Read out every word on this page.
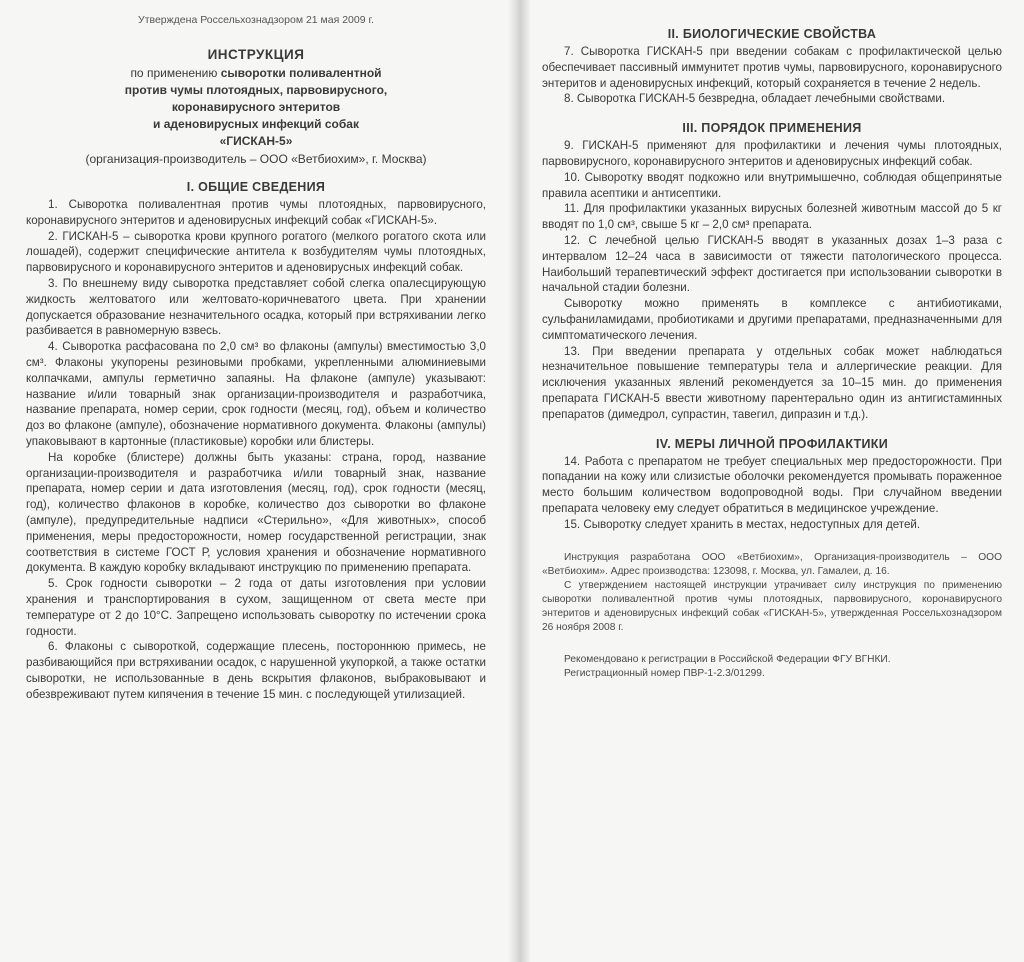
Утверждена Россельхознадзором 21 мая 2009 г.
ИНСТРУКЦИЯ
по применению сыворотки поливалентной
против чумы плотоядных, парвовирусного,
коронавирусного энтеритов
и аденовирусных инфекций собак
«ГИСКАН-5»
(организация-производитель – ООО «Ветбиохим», г. Москва)
I. ОБЩИЕ СВЕДЕНИЯ

1. Сыворотка поливалентная против чумы плотоядных, парвовирусного, коронавирусного энтеритов и аденовирусных инфекций собак «ГИСКАН-5».

2. ГИСКАН-5 – сыворотка крови крупного рогатого (мелкого рогатого скота или лошадей), содержит специфические антитела к возбудителям чумы плотоядных, парвовирусного и коронавирусного энтеритов и аденовирусных инфекций собак.

3. По внешнему виду сыворотка представляет собой слегка опалесцирующую жидкость желтоватого или желтовато-коричневатого цвета. При хранении допускается образование незначительного осадка, который при встряхивании легко разбивается в равномерную взвесь.

4. Сыворотка расфасована по 2,0 см³ во флаконы (ампулы) вместимостью 3,0 см³. Флаконы укупорены резиновыми пробками, укрепленными алюминиевыми колпачками, ампулы герметично запаяны. На флаконе (ампуле) указывают: название и/или товарный знак организации-производителя и разработчика, название препарата, номер серии, срок годности (месяц, год), объем и количество доз во флаконе (ампуле), обозначение нормативного документа. Флаконы (ампулы) упаковывают в картонные (пластиковые) коробки или блистеры.

На коробке (блистере) должны быть указаны: страна, город, название организации-производителя и разработчика и/или товарный знак, название препарата, номер серии и дата изготовления (месяц, год), срок годности (месяц, год), количество флаконов в коробке, количество доз сыворотки во флаконе (ампуле), предупредительные надписи «Стерильно», «Для животных», способ применения, меры предосторожности, номер государственной регистрации, знак соответствия в системе ГОСТ Р, условия хранения и обозначение нормативного документа. В каждую коробку вкладывают инструкцию по применению препарата.

5. Срок годности сыворотки – 2 года от даты изготовления при условии хранения и транспортирования в сухом, защищенном от света месте при температуре от 2 до 10°С. Запрещено использовать сыворотку по истечении срока годности.

6. Флаконы с сывороткой, содержащие плесень, постороннюю примесь, не разбивающийся при встряхивании осадок, с нарушенной укупоркой, а также остатки сыворотки, не использованные в день вскрытия флаконов, выбраковывают и обезвреживают путем кипячения в течение 15 мин. с последующей утилизацией.

II. БИОЛОГИЧЕСКИЕ СВОЙСТВА

7. Сыворотка ГИСКАН-5 при введении собакам с профилактической целью обеспечивает пассивный иммунитет против чумы, парвовирусного, коронавирусного энтеритов и аденовирусных инфекций, который сохраняется в течение 2 недель.

8. Сыворотка ГИСКАН-5 безвредна, обладает лечебными свойствами.

III. ПОРЯДОК ПРИМЕНЕНИЯ

9. ГИСКАН-5 применяют для профилактики и лечения чумы плотоядных, парвовирусного, коронавирусного энтеритов и аденовирусных инфекций собак.

10. Сыворотку вводят подкожно или внутримышечно, соблюдая общепринятые правила асептики и антисептики.

11. Для профилактики указанных вирусных болезней животным массой до 5 кг вводят по 1,0 см³, свыше 5 кг – 2,0 см³ препарата.

12. С лечебной целью ГИСКАН-5 вводят в указанных дозах 1–3 раза с интервалом 12–24 часа в зависимости от тяжести патологического процесса. Наибольший терапевтический эффект достигается при использовании сыворотки в начальной стадии болезни.

Сыворотку можно применять в комплексе с антибиотиками, сульфаниламидами, пробиотиками и другими препаратами, предназначенными для симптоматического лечения.

13. При введении препарата у отдельных собак может наблюдаться незначительное повышение температуры тела и аллергические реакции. Для исключения указанных явлений рекомендуется за 10–15 мин. до применения препарата ГИСКАН-5 ввести животному парентерально один из антигистаминных препаратов (димедрол, супрастин, тавегил, дипразин и т.д.).

IV. МЕРЫ ЛИЧНОЙ ПРОФИЛАКТИКИ

14. Работа с препаратом не требует специальных мер предосторожности. При попадании на кожу или слизистые оболочки рекомендуется промывать пораженное место большим количеством водопроводной воды. При случайном введении препарата человеку ему следует обратиться в медицинское учреждение.

15. Сыворотку следует хранить в местах, недоступных для детей.

Инструкция разработана ООО «Ветбиохим», Организация-производитель – ООО «Ветбиохим». Адрес производства: 123098, г. Москва, ул. Гамалеи, д. 16.

С утверждением настоящей инструкции утрачивает силу инструкция по применению сыворотки поливалентной против чумы плотоядных, парвовирусного, коронавирусного энтеритов и аденовирусных инфекций собак «ГИСКАН-5», утвержденная Россельхознадзором 26 ноября 2008 г.

Рекомендовано к регистрации в Российской Федерации ФГУ ВГНКИ.

Регистрационный номер ПВР-1-2.3/01299.
